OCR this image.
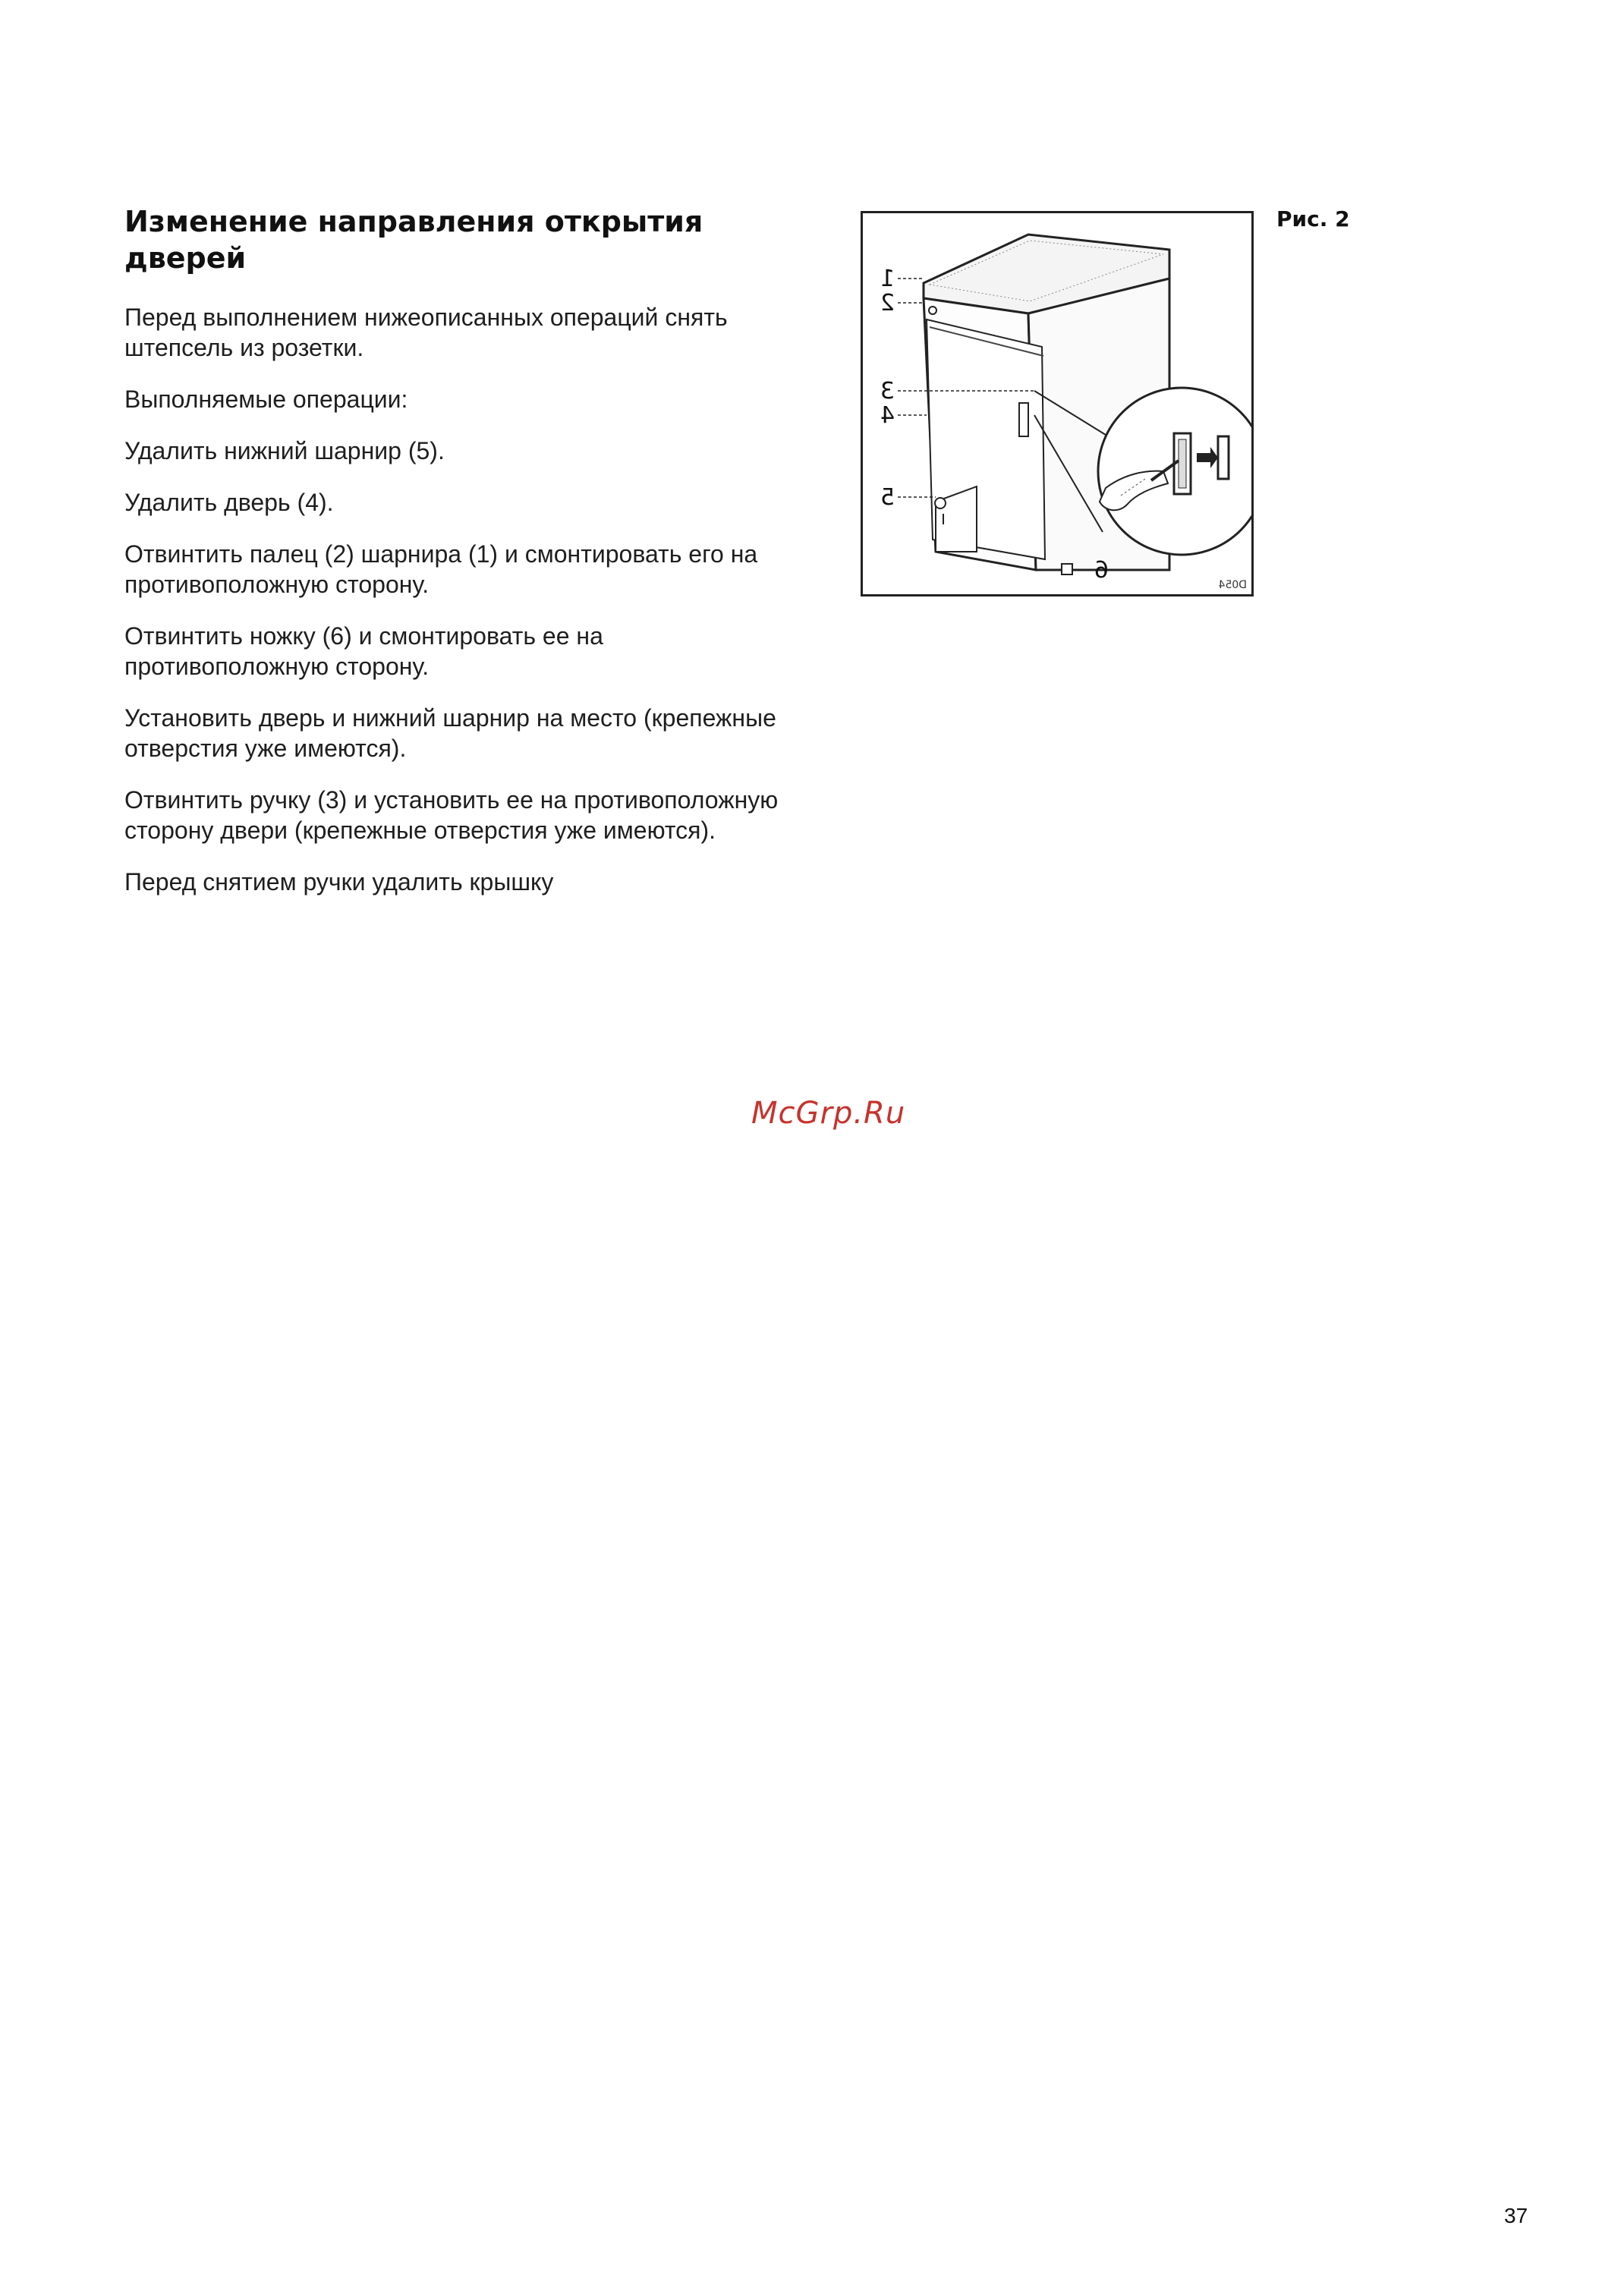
Изменение направления открытия дверей

Перед выполнением нижеописанных операций снять штепсель из розетки.

Выполняемые операции:

Удалить нижний шарнир (5).

Удалить дверь (4).

Отвинтить палец (2) шарнира (1) и смонтировать его на противоположную сторону.

Отвинтить ножку (6) и смонтировать ее на противоположную сторону.

Установить дверь и нижний шарнир на место (крепежные отверстия уже имеются).

Отвинтить ручку (3) и установить ее на противоположную сторону двери (крепежные отверстия уже имеются).

Перед снятием ручки удалить крышку

Рис. 2
1
2
3
4
5
6
D054
McGrp.Ru
37
